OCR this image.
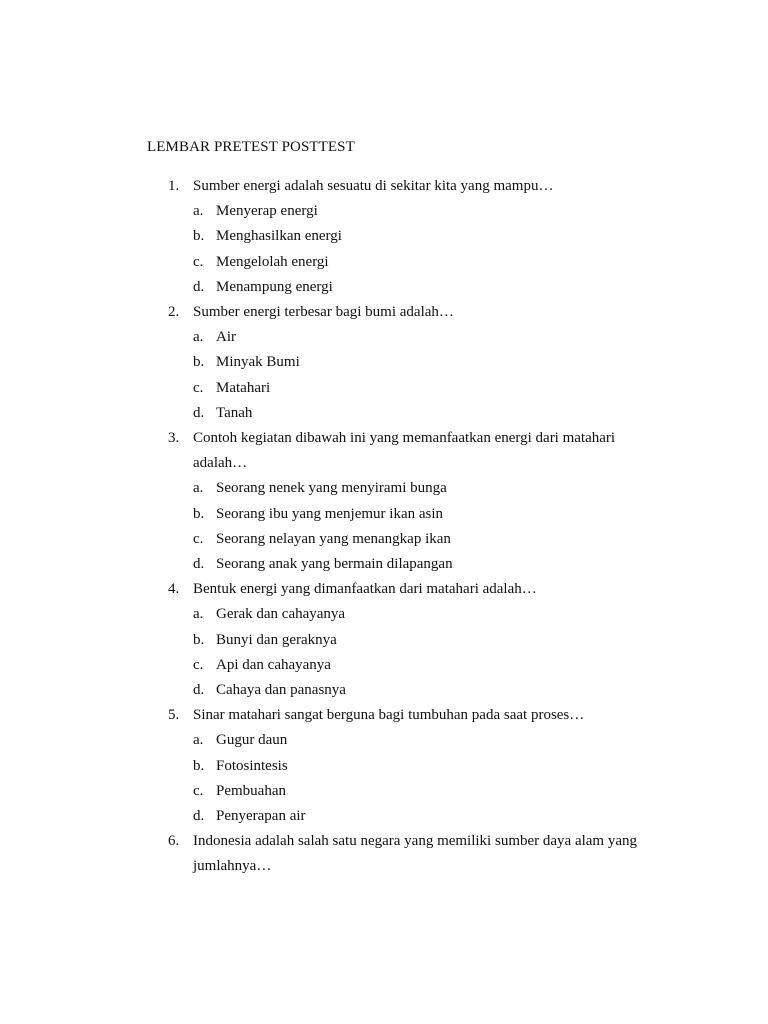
LEMBAR PRETEST POSTTEST
1. Sumber energi adalah sesuatu di sekitar kita yang mampu…
a. Menyerap energi
b. Menghasilkan energi
c. Mengelolah energi
d. Menampung energi
2. Sumber energi terbesar bagi bumi adalah…
a. Air
b. Minyak Bumi
c. Matahari
d. Tanah
3. Contoh kegiatan dibawah ini yang memanfaatkan energi dari matahari adalah…
a. Seorang nenek yang menyirami bunga
b. Seorang ibu yang menjemur ikan asin
c. Seorang nelayan yang menangkap ikan
d. Seorang anak yang bermain dilapangan
4. Bentuk energi yang dimanfaatkan dari matahari adalah…
a. Gerak dan cahayanya
b. Bunyi dan geraknya
c. Api dan cahayanya
d. Cahaya dan panasnya
5. Sinar matahari sangat berguna bagi tumbuhan pada saat proses…
a. Gugur daun
b. Fotosintesis
c. Pembuahan
d. Penyerapan air
6. Indonesia adalah salah satu negara yang memiliki sumber daya alam yang jumlahnya…
